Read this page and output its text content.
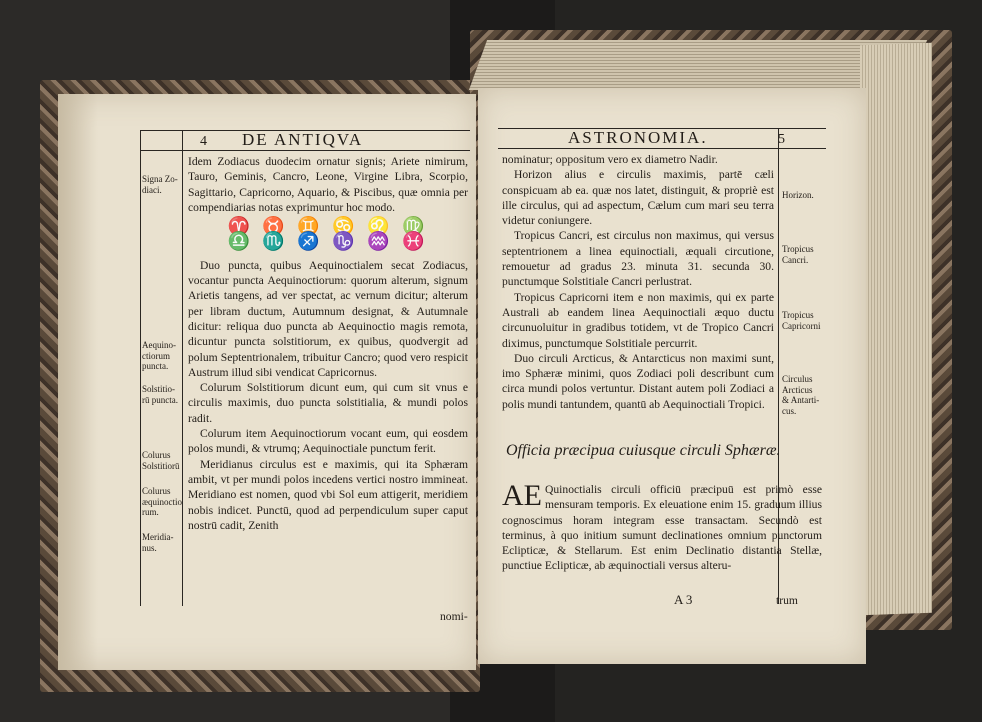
4 DE ANTIQVA
Signa Zo-
diaci.
Aequino-
ctiorum
puncta.
Solstitio-
rū puncta.
Colurus
Solstitiorū
Colurus
æquinoctio
rum.
Meridia-
nus.

Idem Zodiacus duodecim ornatur signis; Ariete nimirum, Tauro, Geminis, Cancro, Leone, Virgine Libra, Scorpio, Sagittario, Capricorno, Aquario, & Piscibus, quæ omnia per compendiarias notas exprimuntur hoc modo.

♈ ♉ ♊ ♋ ♌ ♍
♎ ♏ ♐ ♑ ♒ ♓

Duo puncta, quibus Aequinoctialem secat Zodiacus, vocantur puncta Aequinoctiorum: quorum alterum, signum Arietis tangens, ad ver spectat, ac vernum dicitur; alterum per libram ductum, Autumnum designat, & Autumnale dicitur: reliqua duo puncta ab Aequinoctio magis remota, dicuntur puncta solstitiorum, ex quibus, quodvergit ad polum Septentrionalem, tribuitur Cancro; quod vero respicit Austrum illud sibi vendicat Capricornus.

Colurum Solstitiorum dicunt eum, qui cum sit vnus e circulis maximis, duo puncta solstitialia, & mundi polos radit.

Colurum item Aequinoctiorum vocant eum, qui eosdem polos mundi, & vtrumq; Aequinoctiale punctum ferit.

Meridianus circulus est e maximis, qui ita Sphæram ambit, vt per mundi polos incedens vertici nostro immineat. Meridiano est nomen, quod vbi Sol eum attigerit, meridiem nobis indicet. Punctū, quod ad perpendiculum super caput nostrū cadit, Zenith

nomi-
ASTRONOMIA.	5
Horizon.
Tropicus
Cancri.
Tropicus
Capricorni
Circulus
Arcticus
& Antarti-
cus.

nominatur; oppositum vero ex diametro Nadir.

Horizon alius e circulis maximis, partē cæli conspicuam ab ea. quæ nos latet, distinguit, & propriè est ille circulus, qui ad aspectum, Cælum cum mari seu terra videtur coniungere.

Tropicus Cancri, est circulus non maximus, qui versus septentrionem a linea equinoctiali, æquali circutione, remouetur ad gradus 23. minuta 31. secunda 30. punctumque Solstitiale Cancri perlustrat.

Tropicus Capricorni item e non maximis, qui ex parte Australi ab eandem linea Aequinoctiali æquo ductu circunuoluitur in gradibus totidem, vt de Tropico Cancri diximus, punctumque Solstitiale percurrit.

Duo circuli Arcticus, & Antarcticus non maximi sunt, imo Sphæræ minimi, quos Zodiaci poli describunt cum circa mundi polos vertuntur. Distant autem poli Zodiaci a polis mundi tantundem, quantū ab Aequinoctiali Tropici.

Officia præcipua cuiusque circuli Sphæræ.
AE Quinoctialis circuli officiū præcipuū est primò esse mensuram temporis. Ex eleuatione enim 15. graduum illius cognoscimus horam integram esse transactam. Secundò est terminus, à quo initium sumunt declinationes omnium punctorum Eclipticæ, & Stellarum. Est enim Declinatio distantia Stellæ, punctiue Eclipticæ, ab æquinoctiali versus alteru-

A 3	trum
